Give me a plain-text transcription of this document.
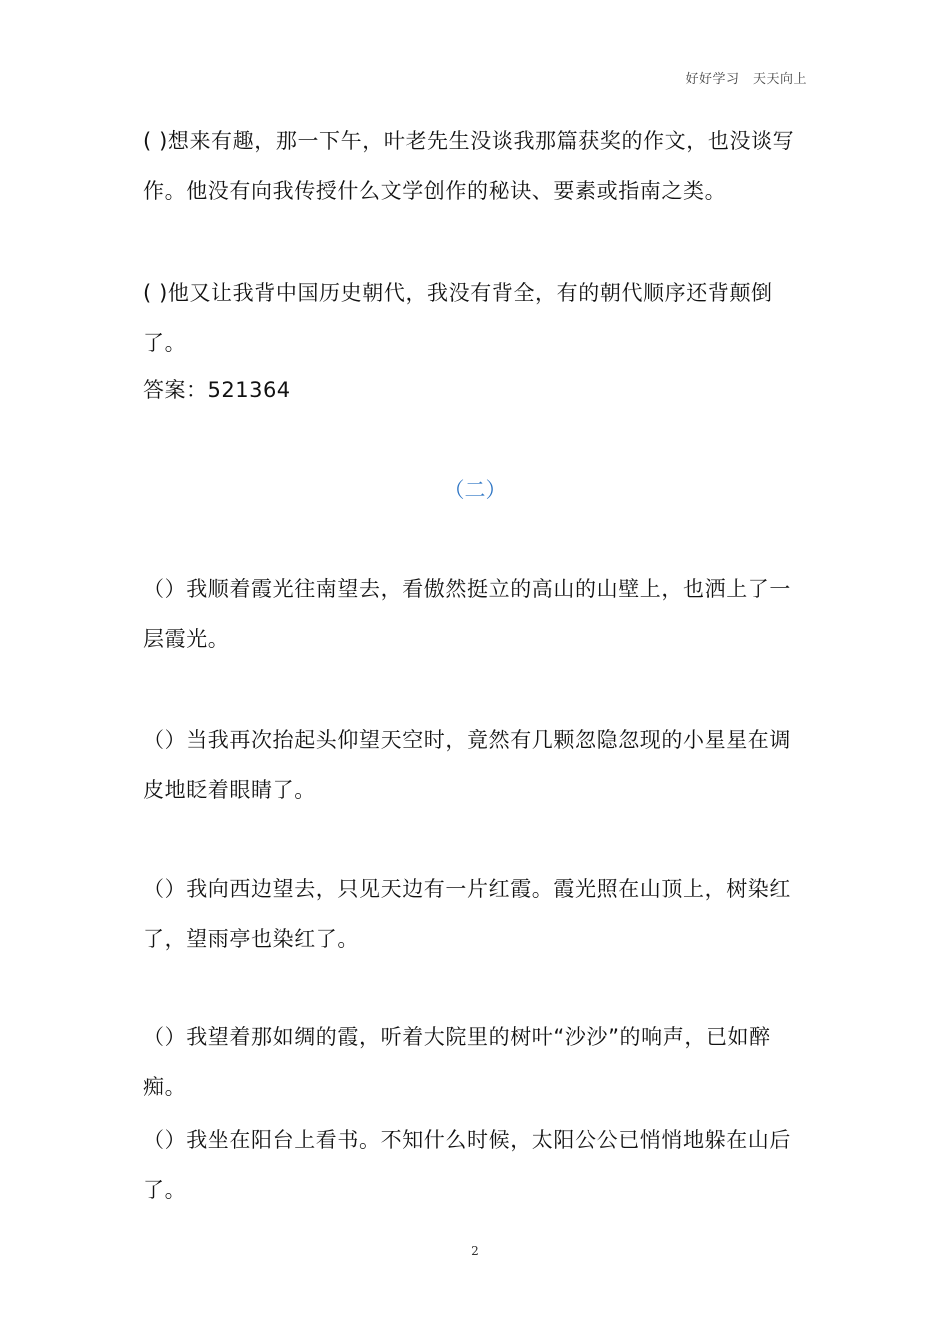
好好学习　天天向上

( )想来有趣，那一下午，叶老先生没谈我那篇获奖的作文，也没谈写作。他没有向我传授什么文学创作的秘诀、要素或指南之类。

( )他又让我背中国历史朝代，我没有背全，有的朝代顺序还背颠倒了。

答案：521364
（二）

（）我顺着霞光往南望去，看傲然挺立的高山的山壁上，也洒上了一层霞光。

（）当我再次抬起头仰望天空时，竟然有几颗忽隐忽现的小星星在调皮地眨着眼睛了。

（）我向西边望去，只见天边有一片红霞。霞光照在山顶上，树染红了，望雨亭也染红了。

（）我望着那如绸的霞，听着大院里的树叶“沙沙”的响声，已如醉痴。

（）我坐在阳台上看书。不知什么时候，太阳公公已悄悄地躲在山后了。

2
